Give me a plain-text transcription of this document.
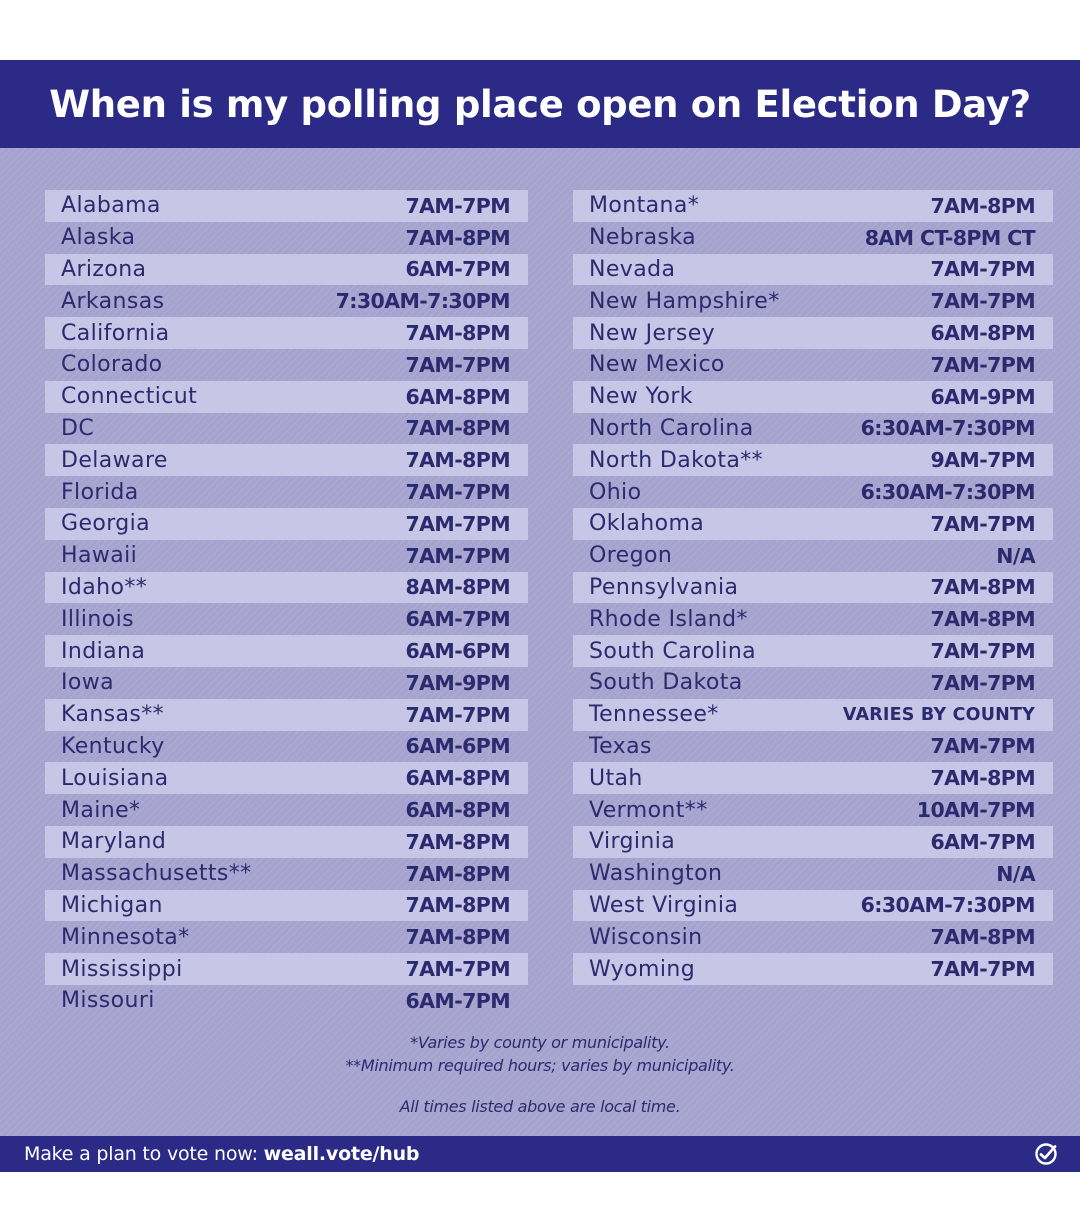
When is my polling place open on Election Day?
Alabama	7AM-7PM
Alaska	7AM-8PM
Arizona	6AM-7PM
Arkansas	7:30AM-7:30PM
California	7AM-8PM
Colorado	7AM-7PM
Connecticut	6AM-8PM
DC	7AM-8PM
Delaware	7AM-8PM
Florida	7AM-7PM
Georgia	7AM-7PM
Hawaii	7AM-7PM
Idaho**	8AM-8PM
Illinois	6AM-7PM
Indiana	6AM-6PM
Iowa	7AM-9PM
Kansas**	7AM-7PM
Kentucky	6AM-6PM
Louisiana	6AM-8PM
Maine*	6AM-8PM
Maryland	7AM-8PM
Massachusetts**	7AM-8PM
Michigan	7AM-8PM
Minnesota*	7AM-8PM
Mississippi	7AM-7PM
Missouri	6AM-7PM
Montana*	7AM-8PM
Nebraska	8AM CT-8PM CT
Nevada	7AM-7PM
New Hampshire*	7AM-7PM
New Jersey	6AM-8PM
New Mexico	7AM-7PM
New York	6AM-9PM
North Carolina	6:30AM-7:30PM
North Dakota**	9AM-7PM
Ohio	6:30AM-7:30PM
Oklahoma	7AM-7PM
Oregon	N/A
Pennsylvania	7AM-8PM
Rhode Island*	7AM-8PM
South Carolina	7AM-7PM
South Dakota	7AM-7PM
Tennessee*	VARIES BY COUNTY
Texas	7AM-7PM
Utah	7AM-8PM
Vermont**	10AM-7PM
Virginia	6AM-7PM
Washington	N/A
West Virginia	6:30AM-7:30PM
Wisconsin	7AM-8PM
Wyoming	7AM-7PM
*Varies by county or municipality.
**Minimum required hours; varies by municipality.
All times listed above are local time.
Make a plan to vote now: weall.vote/hub
